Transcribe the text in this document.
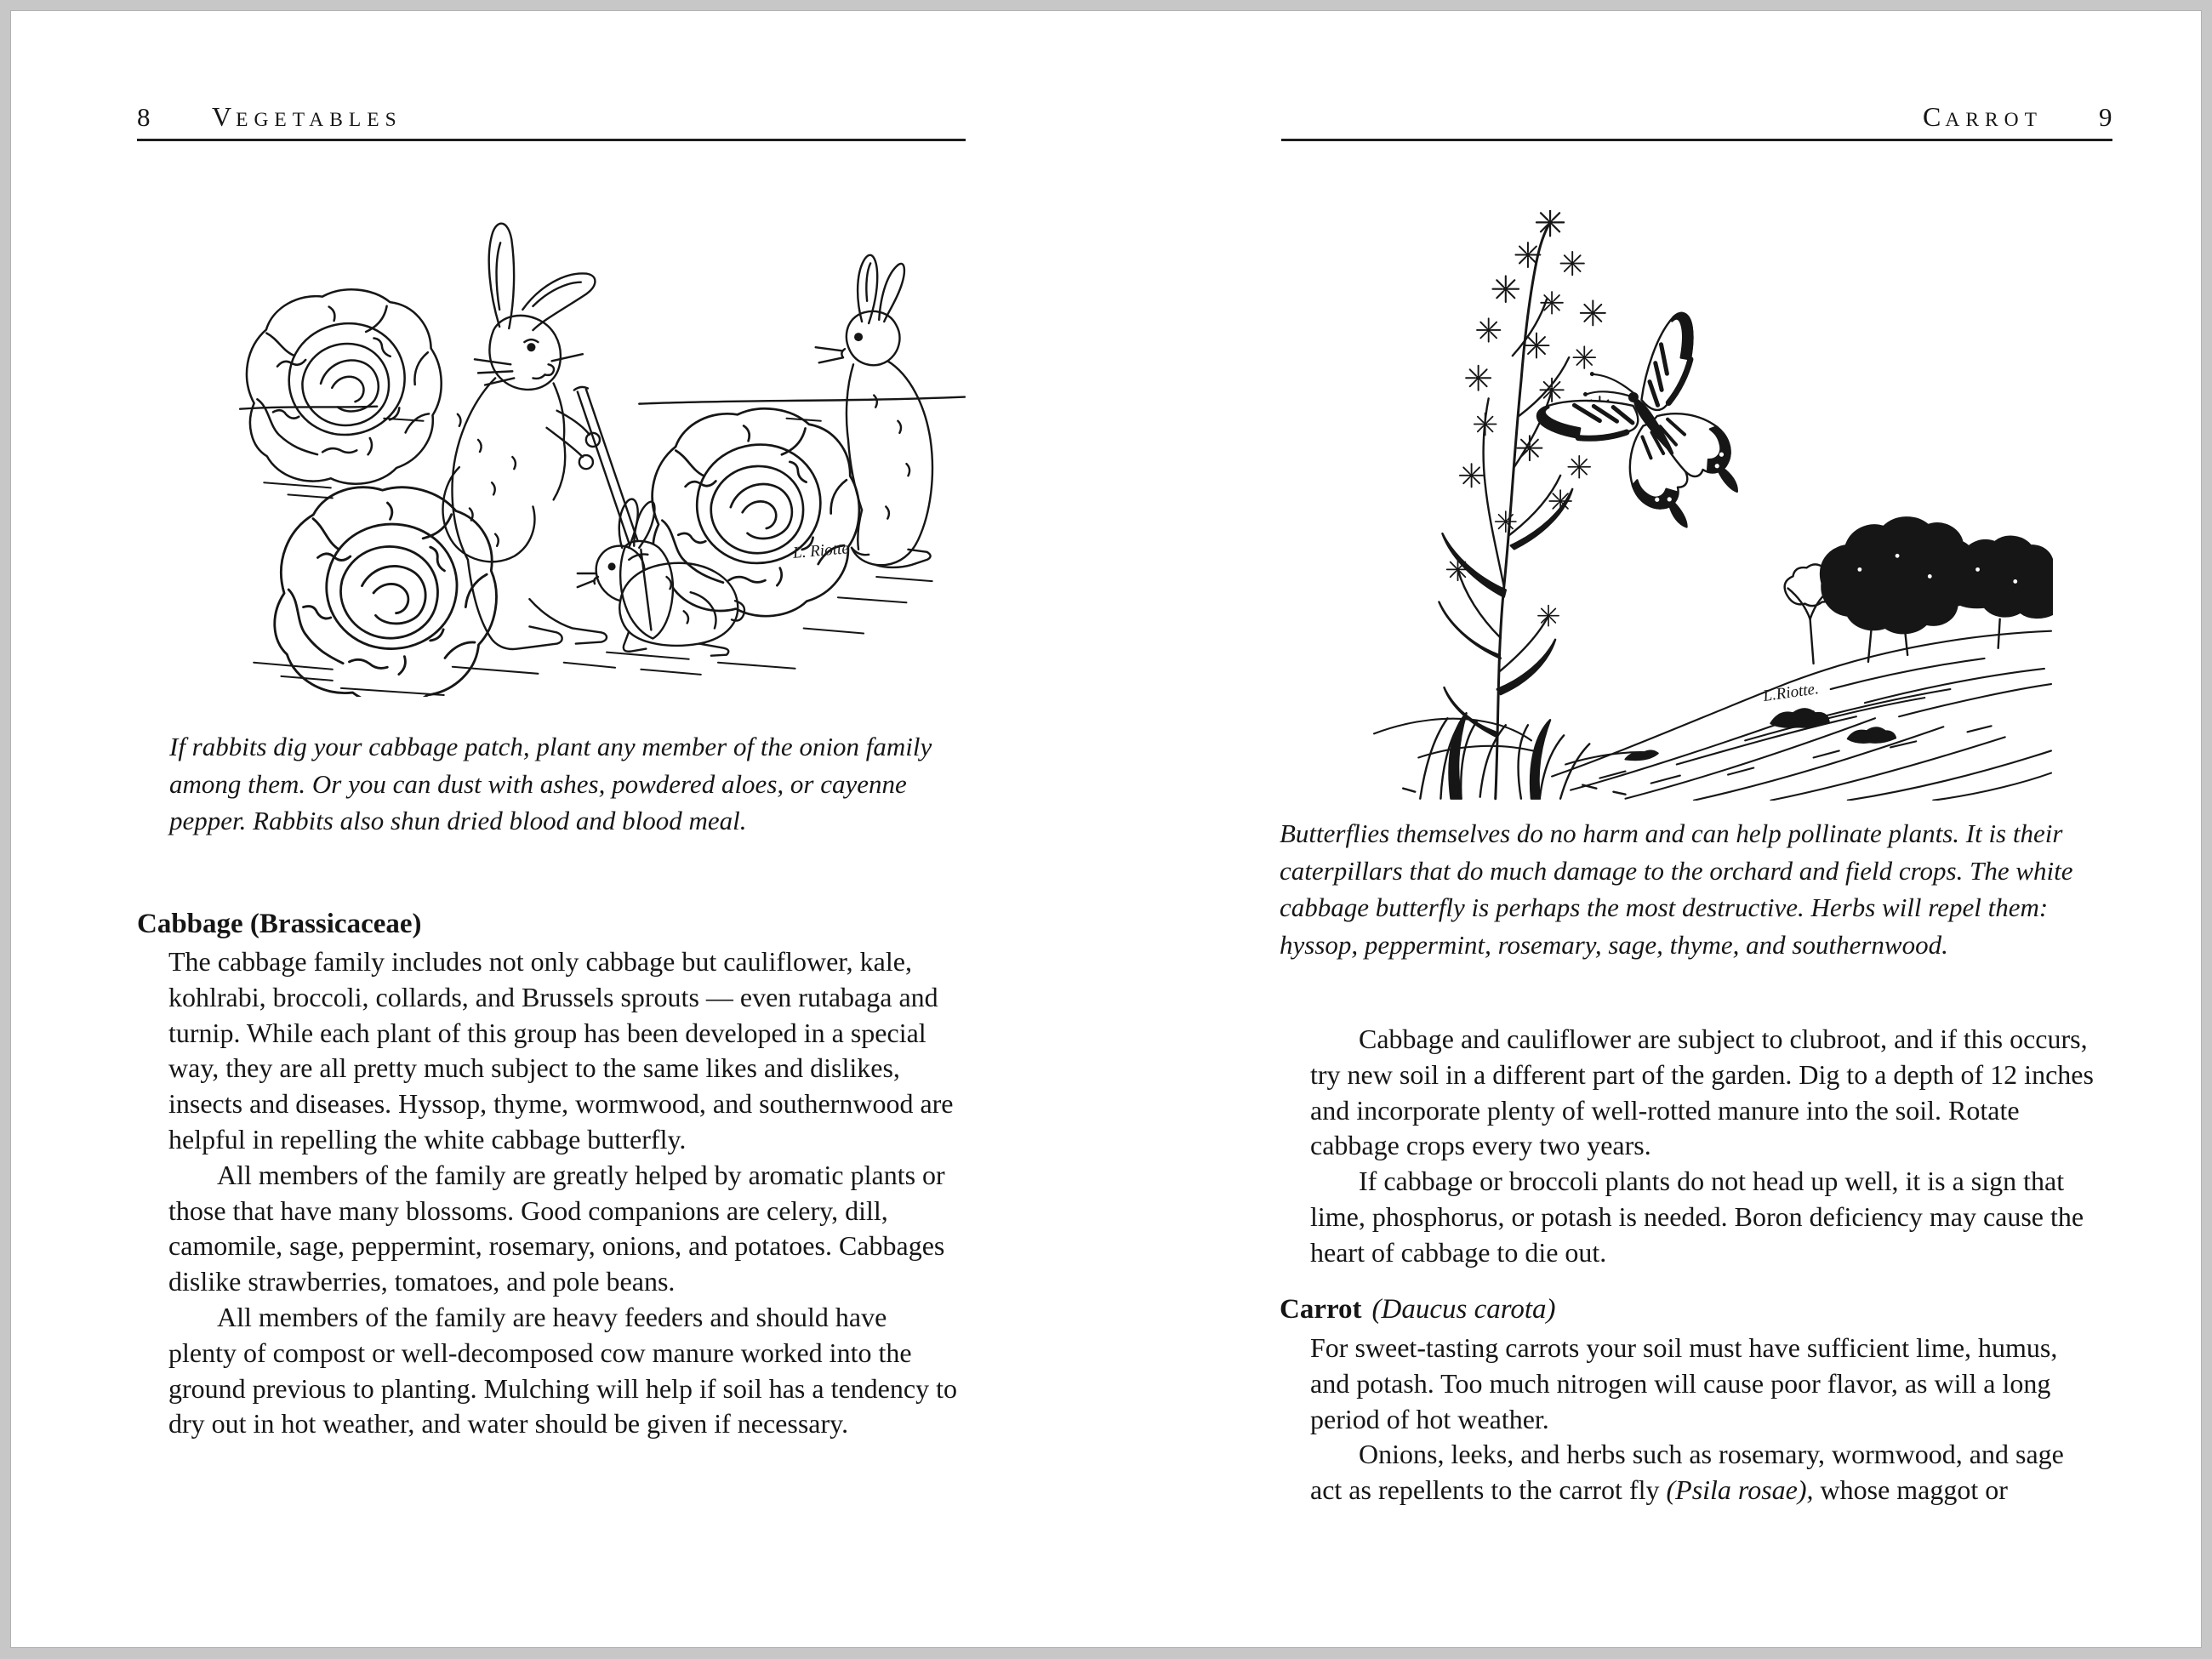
8	VEGETABLES
L. Riotte
If rabbits dig your cabbage patch, plant any member of the onion family among them. Or you can dust with ashes, powdered aloes, or cayenne pepper. Rabbits also shun dried blood and blood meal.
Cabbage (Brassicaceae)

The cabbage family includes not only cabbage but cauliflower, kale, kohlrabi, broccoli, collards, and Brussels sprouts — even rutabaga and turnip. While each plant of this group has been developed in a special way, they are all pretty much subject to the same likes and dislikes, insects and diseases. Hyssop, thyme, wormwood, and southernwood are helpful in repelling the white cabbage butterfly.

All members of the family are greatly helped by aromatic plants or those that have many blossoms. Good companions are celery, dill, camomile, sage, peppermint, rosemary, onions, and potatoes. Cabbages dislike strawberries, tomatoes, and pole beans.

All members of the family are heavy feeders and should have plenty of compost or well-decomposed cow manure worked into the ground previous to planting. Mulching will help if soil has a tendency to dry out in hot weather, and water should be given if necessary.

CARROT 9
L.Riotte.
Butterflies themselves do no harm and can help pollinate plants. It is their caterpillars that do much damage to the orchard and field crops. The white cabbage butterfly is perhaps the most destructive. Herbs will repel them: hyssop, peppermint, rosemary, sage, thyme, and southernwood.

Cabbage and cauliflower are subject to clubroot, and if this occurs, try new soil in a different part of the garden. Dig to a depth of 12 inches and incorporate plenty of well-rotted manure into the soil. Rotate cabbage crops every two years.

If cabbage or broccoli plants do not head up well, it is a sign that lime, phosphorus, or potash is needed. Boron deficiency may cause the heart of cabbage to die out.

Carrot (Daucus carota)

For sweet-tasting carrots your soil must have sufficient lime, humus, and potash. Too much nitrogen will cause poor flavor, as will a long period of hot weather.

Onions, leeks, and herbs such as rosemary, wormwood, and sage act as repellents to the carrot fly (Psila rosae), whose maggot or
